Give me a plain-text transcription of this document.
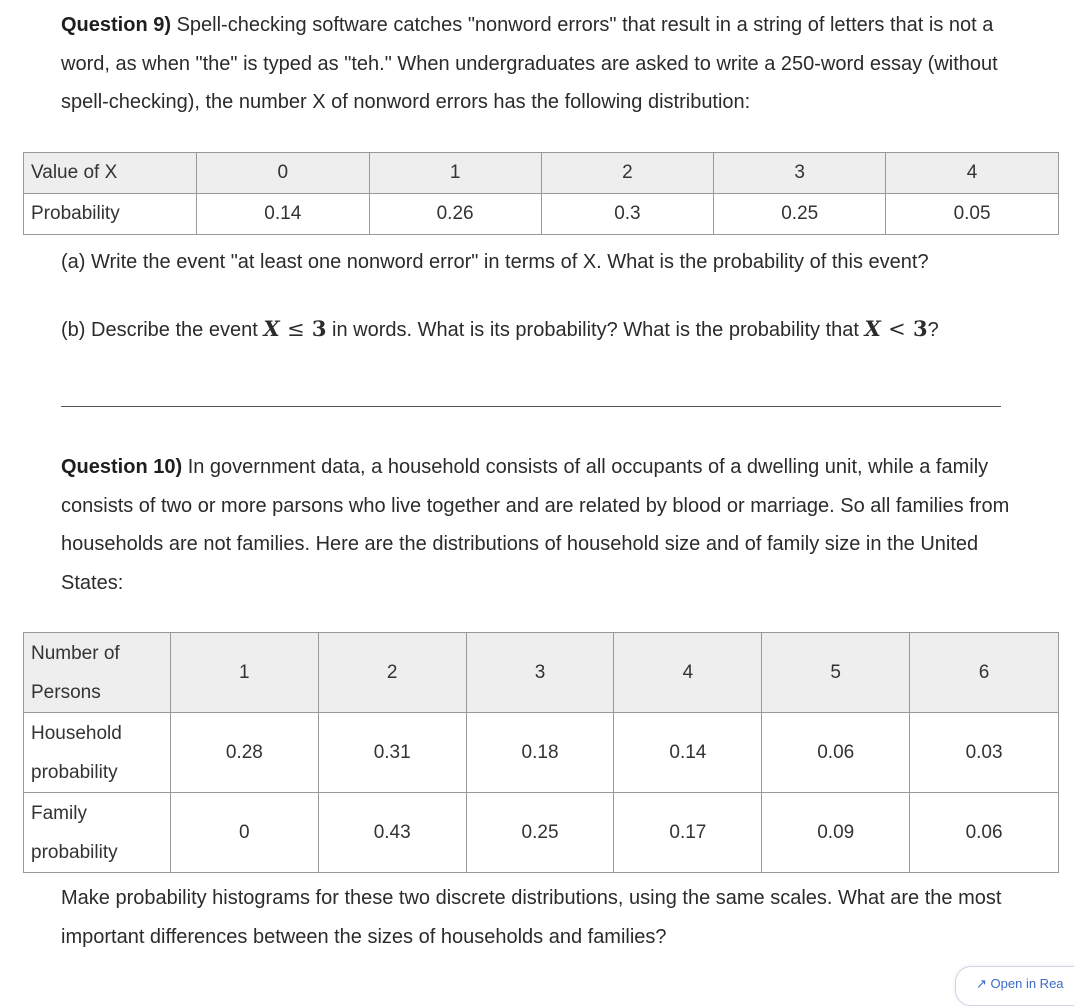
Question 9) Spell-checking software catches "nonword errors" that result in a string of letters that is not a word, as when "the" is typed as "teh." When undergraduates are asked to write a 250-word essay (without spell-checking), the number X of nonword errors has the following distribution:

Value of X	0	1	2	3	4
Probability	0.14	0.26	0.3	0.25	0.05

(a) Write the event "at least one nonword error" in terms of X. What is the probability of this event?

(b) Describe the event X ≤ 3 in words. What is its probability? What is the probability that X < 3?

Question 10) In government data, a household consists of all occupants of a dwelling unit, while a family consists of two or more parsons who live together and are related by blood or marriage. So all families from households are not families. Here are the distributions of household size and of family size in the United States:

Number of Persons	1	2	3	4	5	6
Household probability	0.28	0.31	0.18	0.14	0.06	0.03
Family probability	0	0.43	0.25	0.17	0.09	0.06

Make probability histograms for these two discrete distributions, using the same scales. What are the most important differences between the sizes of households and families?

↗ Open in Rea
